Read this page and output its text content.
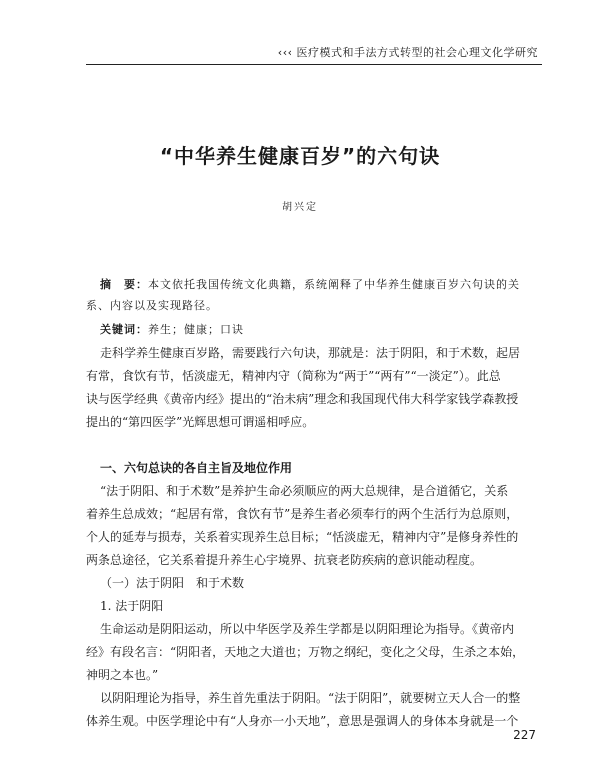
‹‹‹ 医疗模式和手法方式转型的社会心理文化学研究
“中华养生健康百岁”的六句诀
胡兴定
摘　要：本文依托我国传统文化典籍，系统阐释了中华养生健康百岁六句诀的关
系、内容以及实现路径。
关键词：养生；健康；口诀
走科学养生健康百岁路，需要践行六句诀，那就是：法于阴阳，和于术数，起居
有常，食饮有节，恬淡虚无，精神内守（简称为“两于”“两有”“一淡定”）。此总
诀与医学经典《黄帝内经》提出的“治未病”理念和我国现代伟大科学家钱学森教授
提出的“第四医学”光辉思想可谓遥相呼应。
一、六句总诀的各自主旨及地位作用
“法于阴阳、和于术数”是养护生命必须顺应的两大总规律，是合道循它，关系
着养生总成效；“起居有常，食饮有节”是养生者必须奉行的两个生活行为总原则，
个人的延寿与损寿，关系着实现养生总目标；“恬淡虚无，精神内守”是修身养性的
两条总途径，它关系着提升养生心宇境界、抗衰老防疾病的意识能动程度。
（一）法于阴阳　和于术数
1. 法于阴阳
生命运动是阴阳运动，所以中华医学及养生学都是以阴阳理论为指导。《黄帝内
经》有段名言：“阴阳者，天地之大道也；万物之纲纪，变化之父母，生杀之本始，
神明之本也。”
以阴阳理论为指导，养生首先重法于阴阳。“法于阴阳”，就要树立天人合一的整
体养生观。中医学理论中有“人身亦一小天地”，意思是强调人的身体本身就是一个
227
